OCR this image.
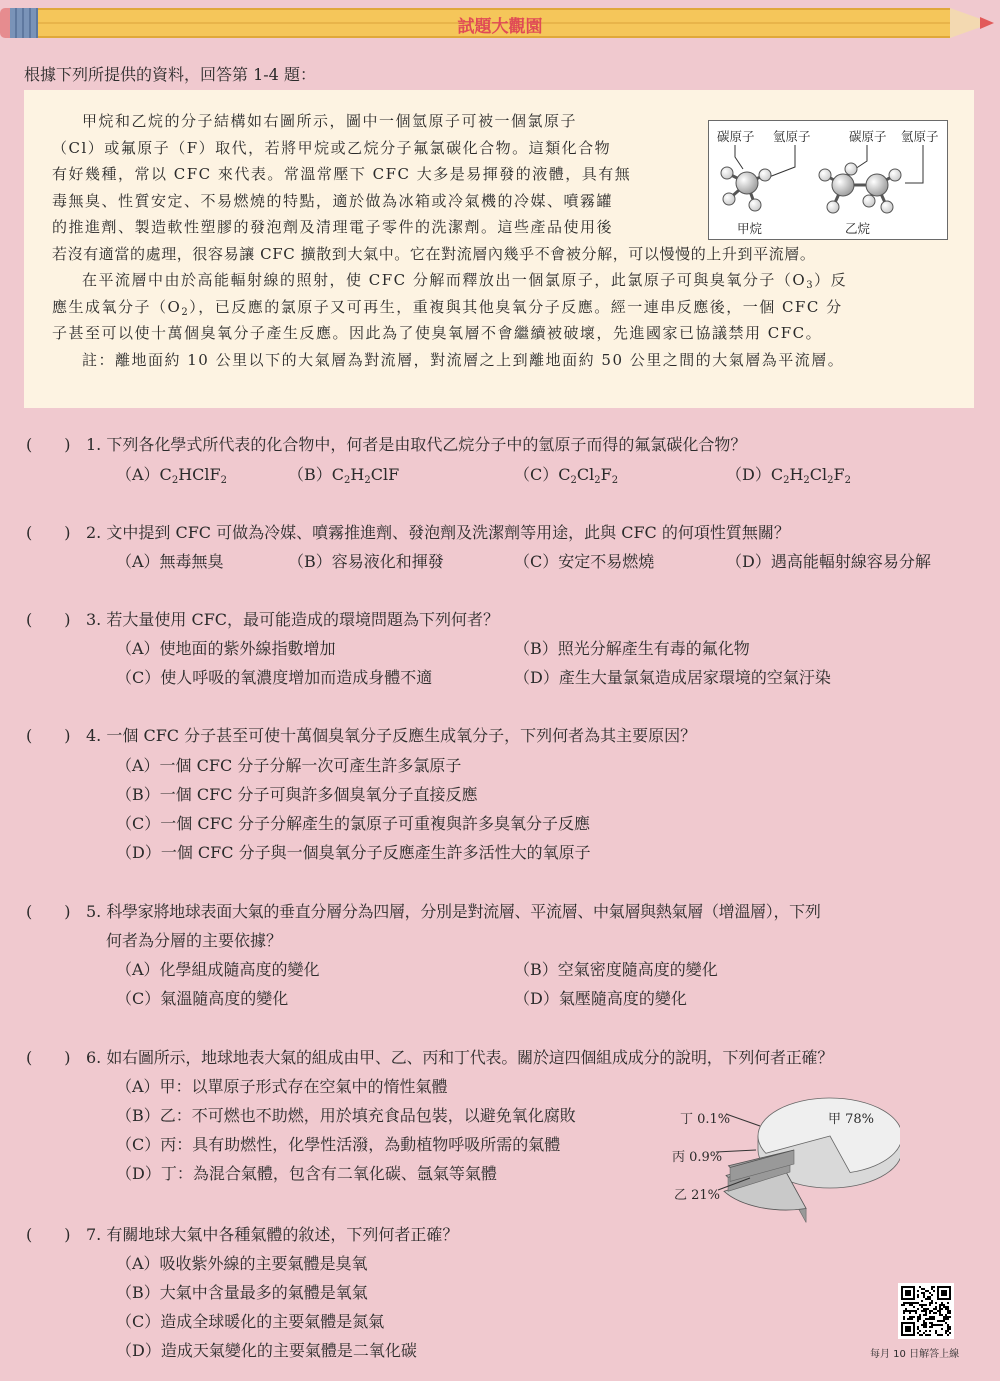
試題大觀園
根據下列所提供的資料，回答第 1-4 題：

甲烷和乙烷的分子結構如右圖所示，圖中一個氫原子可被一個氯原子

（Cl）或氟原子（F）取代，若將甲烷或乙烷分子氟氯碳化合物。這類化合物
有好幾種，常以 CFC 來代表。常溫常壓下 CFC 大多是易揮發的液體，具有無
毒無臭、性質安定、不易燃燒的特點，適於做為冰箱或冷氣機的冷媒、噴霧罐
的推進劑、製造軟性塑膠的發泡劑及清理電子零件的洗潔劑。這些產品使用後
若沒有適當的處理，很容易讓 CFC 擴散到大氣中。它在對流層內幾乎不會被分解，可以慢慢的上升到平流層。

在平流層中由於高能輻射線的照射，使 CFC 分解而釋放出一個氯原子，此氯原子可與臭氧分子$(O_3)$反

應生成氧分子$(O_2)$，已反應的氯原子又可再生，重複與其他臭氧分子反應。經一連串反應後，一個 CFC 分
子甚至可以使十萬個臭氧分子產生反應。因此為了使臭氧層不會繼續被破壞，先進國家已協議禁用 CFC。

註：離地面約 10 公里以下的大氣層為對流層，對流層之上到離地面約 50 公里之間的大氣層為平流層。

碳原子 氫原子	碳原子 氫原子
甲烷	乙烷
(　　) 1. 下列各化學式所代表的化合物中，何者是由取代乙烷分子中的氫原子而得的氟氯碳化合物？
$(A)C_2HClF_2$	$(B)C_2H_2ClF$	$(C)C_2Cl_2F_2$	$(D)C_2H_2Cl_2F_2$
(　　) 2. 文中提到 CFC 可做為冷媒、噴霧推進劑、發泡劑及洗潔劑等用途，此與 CFC 的何項性質無關？
（A）無毒無臭	（B）容易液化和揮發	（C）安定不易燃燒	（D）遇高能輻射線容易分解
(　　) 3. 若大量使用 CFC，最可能造成的環境問題為下列何者？
（A）使地面的紫外線指數增加	（B）照光分解產生有毒的氟化物
（C）使人呼吸的氧濃度增加而造成身體不適	（D）產生大量氯氣造成居家環境的空氣汙染
(　　) 4. 一個 CFC 分子甚至可使十萬個臭氧分子反應生成氧分子，下列何者為其主要原因？
（A）一個 CFC 分子分解一次可產生許多氯原子
（B）一個 CFC 分子可與許多個臭氧分子直接反應
（C）一個 CFC 分子分解產生的氯原子可重複與許多臭氧分子反應
（D）一個 CFC 分子與一個臭氧分子反應產生許多活性大的氧原子
(　　) 5. 科學家將地球表面大氣的垂直分層分為四層，分別是對流層、平流層、中氣層與熱氣層（增溫層），下列
何者為分層的主要依據？
（A）化學組成隨高度的變化	（B）空氣密度隨高度的變化
（C）氣溫隨高度的變化	（D）氣壓隨高度的變化
(　　) 6. 如右圖所示，地球地表大氣的組成由甲、乙、丙和丁代表。關於這四個組成成分的說明，下列何者正確？
（A）甲：以單原子形式存在空氣中的惰性氣體
（B）乙：不可燃也不助燃，用於填充食品包裝，以避免氧化腐敗
（C）丙：具有助燃性，化學性活潑，為動植物呼吸所需的氣體
（D）丁：為混合氣體，包含有二氧化碳、氬氣等氣體
甲 78%
丁 0.1%
丙 0.9%
乙 21%
(　　) 7. 有關地球大氣中各種氣體的敘述，下列何者正確？
（A）吸收紫外線的主要氣體是臭氧
（B）大氣中含量最多的氣體是氧氣
（C）造成全球暖化的主要氣體是氮氣
（D）造成天氣變化的主要氣體是二氧化碳	每月 10 日解答上線
